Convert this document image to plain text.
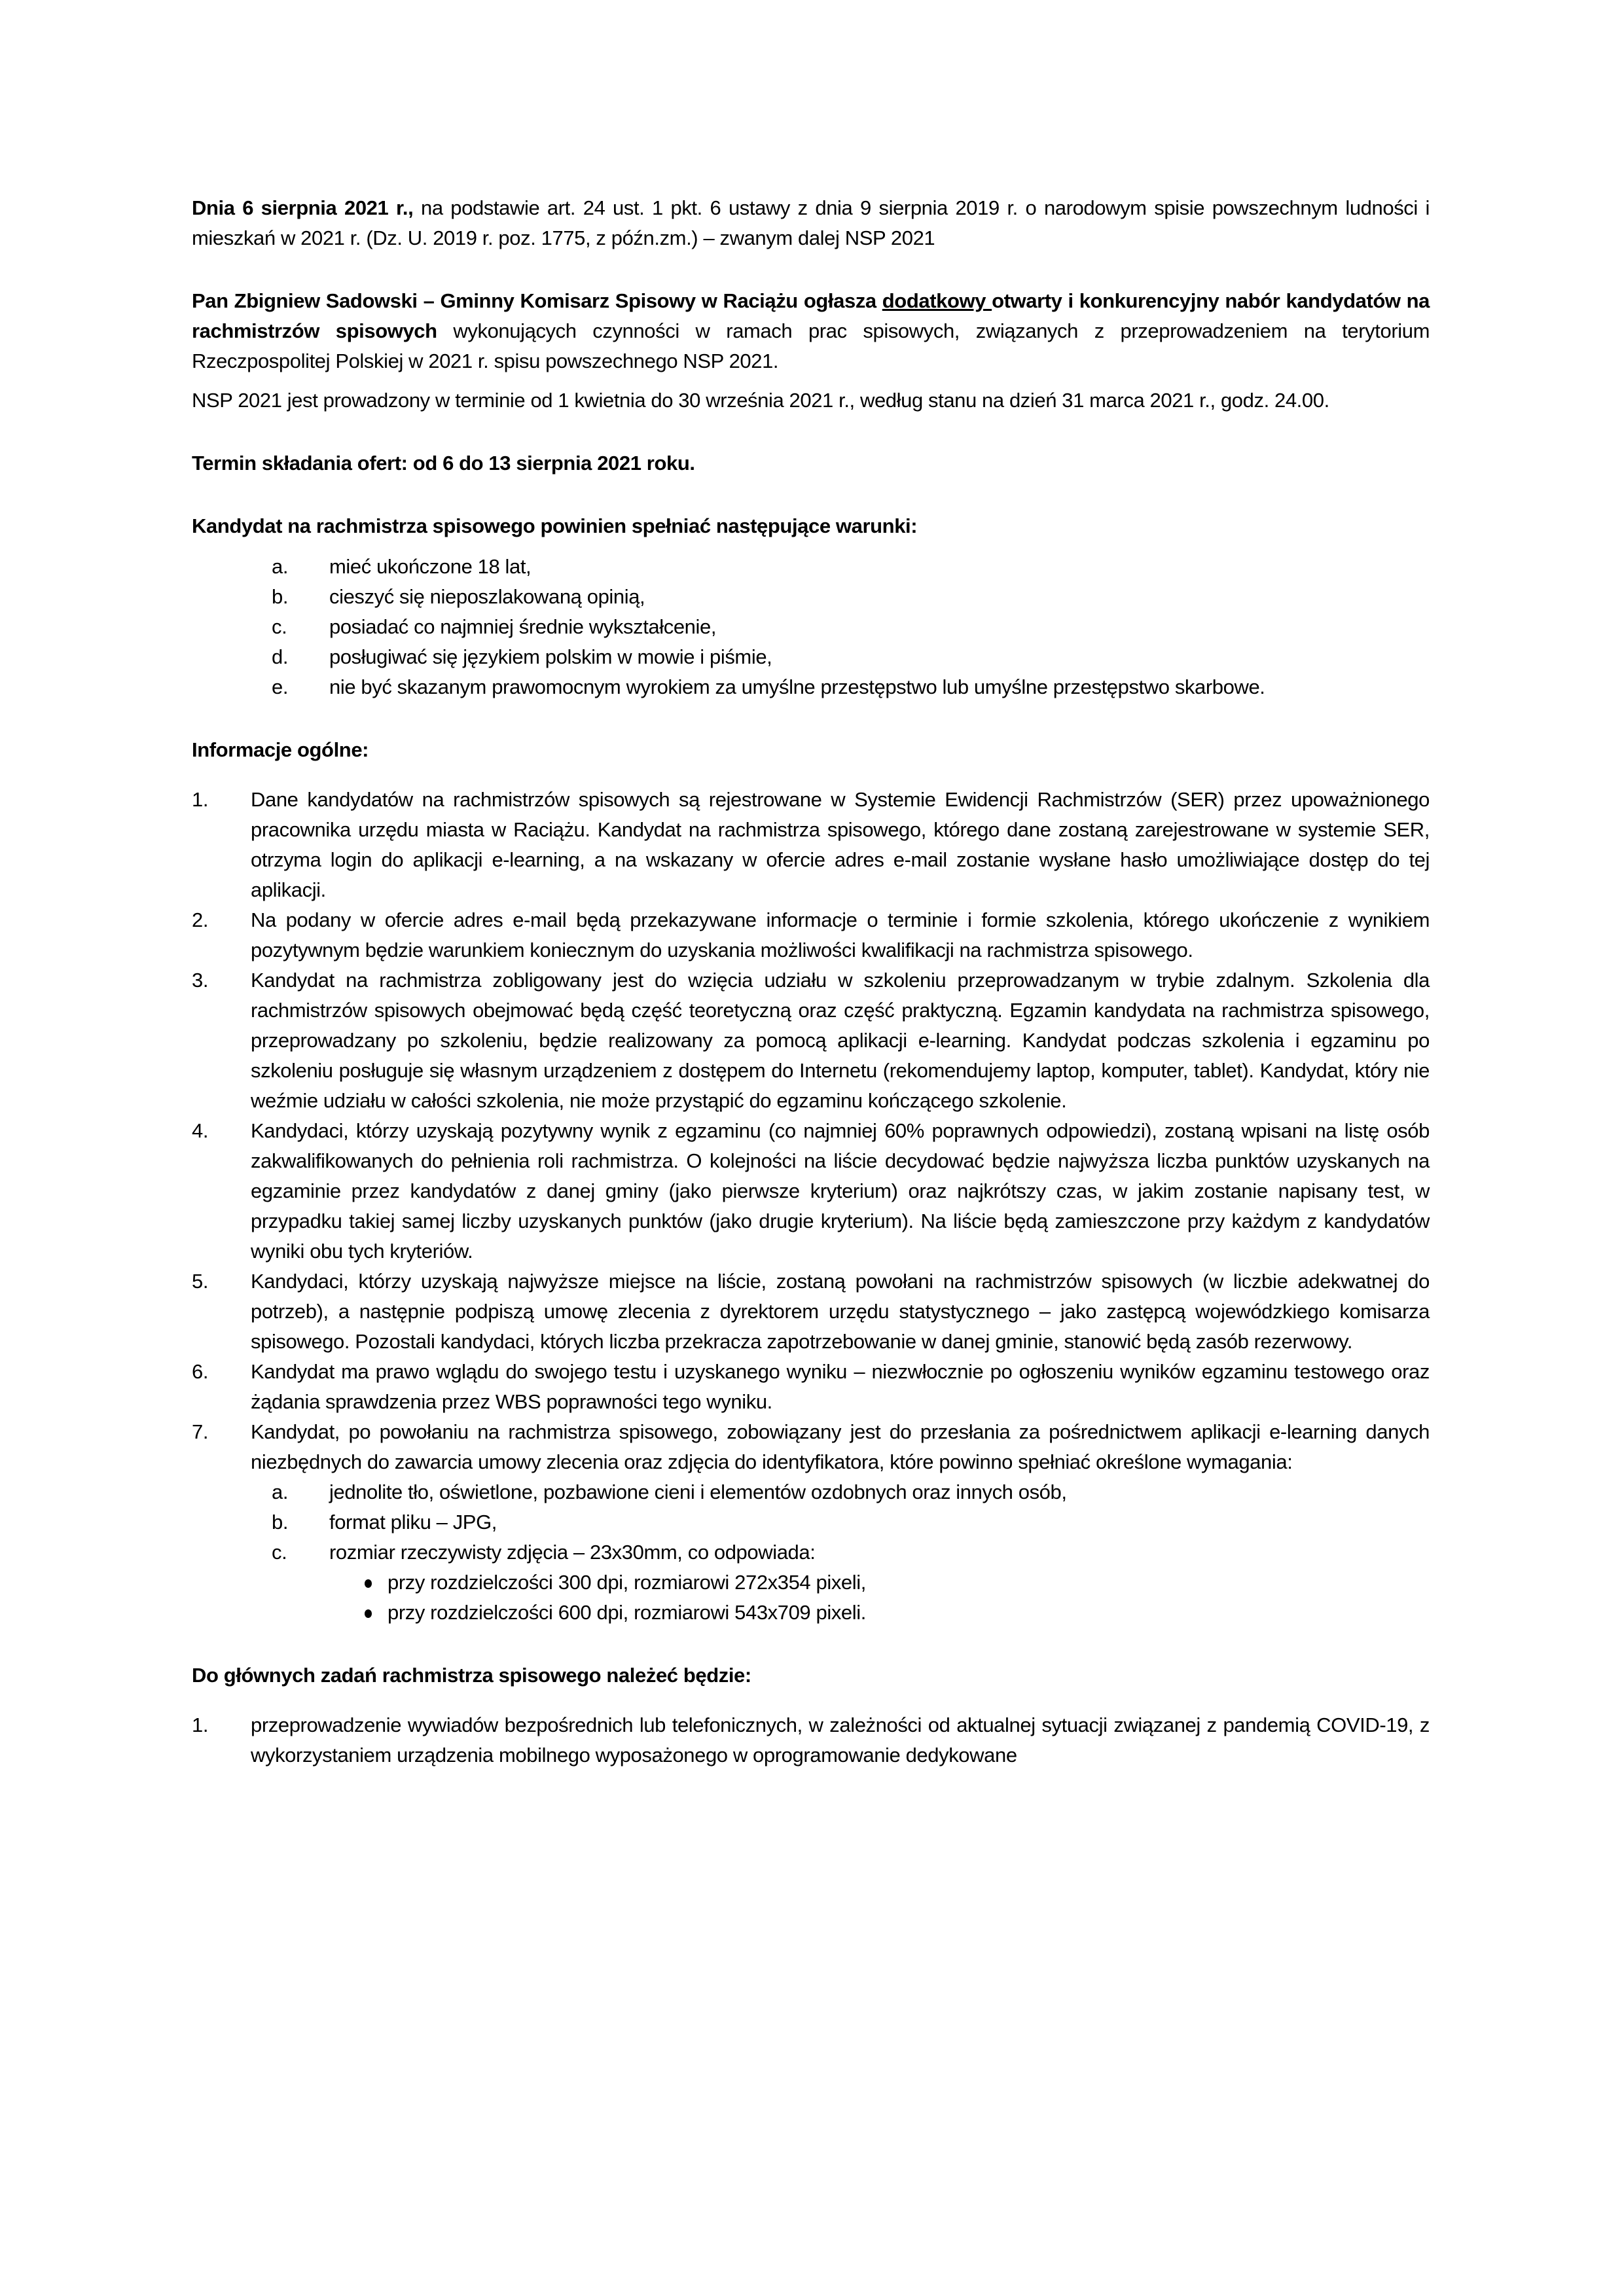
Dnia 6 sierpnia 2021 r., na podstawie art. 24 ust. 1 pkt. 6 ustawy z dnia 9 sierpnia 2019 r. o narodowym spisie powszechnym ludności i mieszkań w 2021 r. (Dz. U. 2019 r. poz. 1775, z późn.zm.) – zwanym dalej NSP 2021

Pan Zbigniew Sadowski – Gminny Komisarz Spisowy w Raciążu ogłasza dodatkowy otwarty i konkurencyjny nabór kandydatów na rachmistrzów spisowych wykonujących czynności w ramach prac spisowych, związanych z przeprowadzeniem na terytorium Rzeczpospolitej Polskiej w 2021 r. spisu powszechnego NSP 2021.

NSP 2021 jest prowadzony w terminie od 1 kwietnia do 30 września 2021 r., według stanu na dzień 31 marca 2021 r., godz. 24.00.

Termin składania ofert: od 6 do 13 sierpnia 2021 roku.

Kandydat na rachmistrza spisowego powinien spełniać następujące warunki:

a. mieć ukończone 18 lat,
b. cieszyć się nieposzlakowaną opinią,
c. posiadać co najmniej średnie wykształcenie,
d. posługiwać się językiem polskim w mowie i piśmie,
e. nie być skazanym prawomocnym wyrokiem za umyślne przestępstwo lub umyślne przestępstwo skarbowe.

Informacje ogólne:

1. Dane kandydatów na rachmistrzów spisowych są rejestrowane w Systemie Ewidencji Rachmistrzów (SER) przez upoważnionego pracownika urzędu miasta w Raciążu. Kandydat na rachmistrza spisowego, którego dane zostaną zarejestrowane w systemie SER, otrzyma login do aplikacji e-learning, a na wskazany w ofercie adres e-mail zostanie wysłane hasło umożliwiające dostęp do tej aplikacji.
2. Na podany w ofercie adres e-mail będą przekazywane informacje o terminie i formie szkolenia, którego ukończenie z wynikiem pozytywnym będzie warunkiem koniecznym do uzyskania możliwości kwalifikacji na rachmistrza spisowego.
3. Kandydat na rachmistrza zobligowany jest do wzięcia udziału w szkoleniu przeprowadzanym w trybie zdalnym. Szkolenia dla rachmistrzów spisowych obejmować będą część teoretyczną oraz część praktyczną. Egzamin kandydata na rachmistrza spisowego, przeprowadzany po szkoleniu, będzie realizowany za pomocą aplikacji e-learning. Kandydat podczas szkolenia i egzaminu po szkoleniu posługuje się własnym urządzeniem z dostępem do Internetu (rekomendujemy laptop, komputer, tablet). Kandydat, który nie weźmie udziału w całości szkolenia, nie może przystąpić do egzaminu kończącego szkolenie.
4. Kandydaci, którzy uzyskają pozytywny wynik z egzaminu (co najmniej 60% poprawnych odpowiedzi), zostaną wpisani na listę osób zakwalifikowanych do pełnienia roli rachmistrza. O kolejności na liście decydować będzie najwyższa liczba punktów uzyskanych na egzaminie przez kandydatów z danej gminy (jako pierwsze kryterium) oraz najkrótszy czas, w jakim zostanie napisany test, w przypadku takiej samej liczby uzyskanych punktów (jako drugie kryterium). Na liście będą zamieszczone przy każdym z kandydatów wyniki obu tych kryteriów.
5. Kandydaci, którzy uzyskają najwyższe miejsce na liście, zostaną powołani na rachmistrzów spisowych (w liczbie adekwatnej do potrzeb), a następnie podpiszą umowę zlecenia z dyrektorem urzędu statystycznego – jako zastępcą wojewódzkiego komisarza spisowego. Pozostali kandydaci, których liczba przekracza zapotrzebowanie w danej gminie, stanowić będą zasób rezerwowy.
6. Kandydat ma prawo wglądu do swojego testu i uzyskanego wyniku – niezwłocznie po ogłoszeniu wyników egzaminu testowego oraz żądania sprawdzenia przez WBS poprawności tego wyniku.
7. Kandydat, po powołaniu na rachmistrza spisowego, zobowiązany jest do przesłania za pośrednictwem aplikacji e-learning danych niezbędnych do zawarcia umowy zlecenia oraz zdjęcia do identyfikatora, które powinno spełniać określone wymagania:
a.	jednolite tło, oświetlone, pozbawione cieni i elementów ozdobnych oraz innych osób,
b.	format pliku – JPG,
c.	rozmiar rzeczywisty zdjęcia – 23x30mm, co odpowiada:
przy rozdzielczości 300 dpi, rozmiarowi 272x354 pixeli,
przy rozdzielczości 600 dpi, rozmiarowi 543x709 pixeli.

Do głównych zadań rachmistrza spisowego należeć będzie:

1. przeprowadzenie wywiadów bezpośrednich lub telefonicznych, w zależności od aktualnej sytuacji związanej z pandemią COVID-19, z wykorzystaniem urządzenia mobilnego wyposażonego w oprogramowanie dedykowane
